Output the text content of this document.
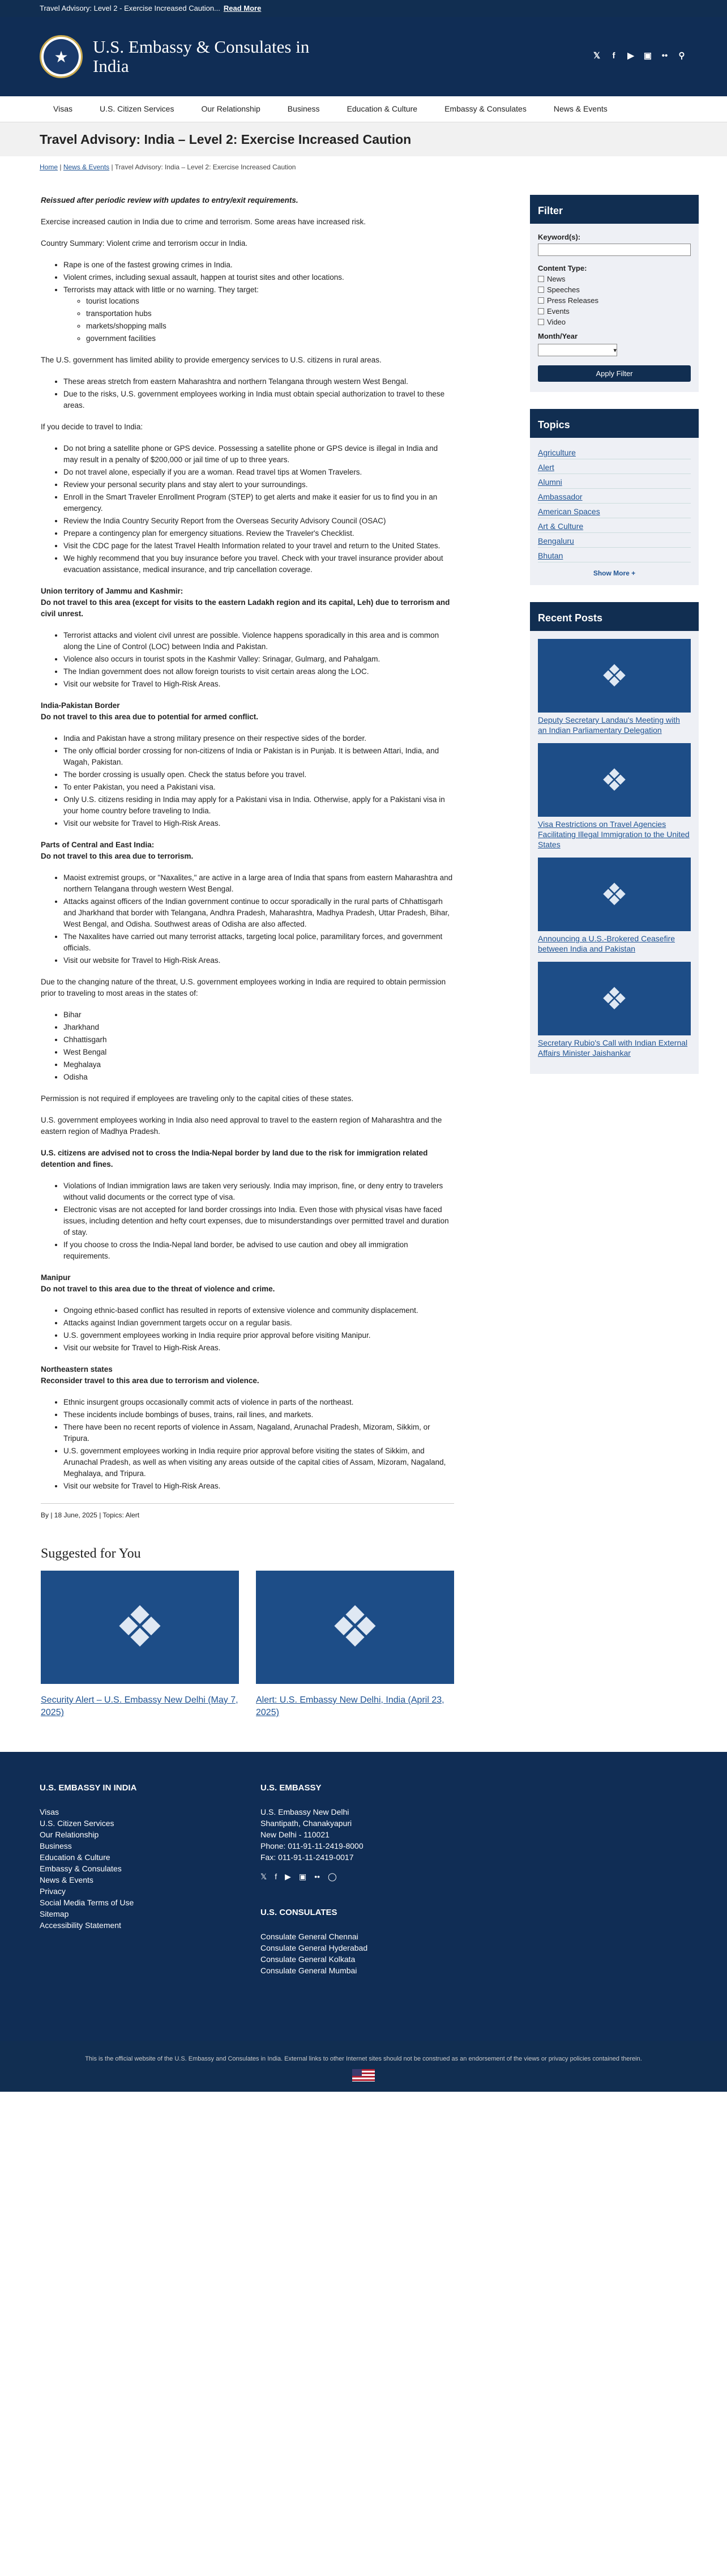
Travel Advisory: Level 2 - Exercise Increased Caution... Read More
★	U.S. Embassy & Consulates in India
𝕏	f	▶ ▣	••	⚲
Visas	U.S. Citizen Services	Our Relationship	Business	Education & Culture	Embassy & Consulates	News & Events
Travel Advisory: India – Level 2: Exercise Increased Caution
Home | News & Events | Travel Advisory: India – Level 2: Exercise Increased Caution

Reissued after periodic review with updates to entry/exit requirements.

Exercise increased caution in India due to crime and terrorism. Some areas have increased risk.

Country Summary: Violent crime and terrorism occur in India.

• Rape is one of the fastest growing crimes in India.
• Violent crimes, including sexual assault, happen at tourist sites and other locations.
• Terrorists may attack with little or no warning. They target:
◦ tourist locations
◦ transportation hubs
◦ markets/shopping malls
◦ government facilities

The U.S. government has limited ability to provide emergency services to U.S. citizens in rural areas.

• These areas stretch from eastern Maharashtra and northern Telangana through western West Bengal.
• Due to the risks, U.S. government employees working in India must obtain special authorization to travel to these areas.

If you decide to travel to India:

• Do not bring a satellite phone or GPS device. Possessing a satellite phone or GPS device is illegal in India and may result in a penalty of $200,000 or jail time of up to three years.
• Do not travel alone, especially if you are a woman. Read travel tips at Women Travelers.
• Review your personal security plans and stay alert to your surroundings.
• Enroll in the Smart Traveler Enrollment Program (STEP) to get alerts and make it easier for us to find you in an emergency.
• Review the India Country Security Report from the Overseas Security Advisory Council (OSAC)
• Prepare a contingency plan for emergency situations. Review the Traveler's Checklist.
• Visit the CDC page for the latest Travel Health Information related to your travel and return to the United States.
• We highly recommend that you buy insurance before you travel. Check with your travel insurance provider about evacuation assistance, medical insurance, and trip cancellation coverage.

Union territory of Jammu and Kashmir:

Do not travel to this area (except for visits to the eastern Ladakh region and its capital, Leh) due to terrorism and civil unrest.

• Terrorist attacks and violent civil unrest are possible. Violence happens sporadically in this area and is common along the Line of Control (LOC) between India and Pakistan.
• Violence also occurs in tourist spots in the Kashmir Valley: Srinagar, Gulmarg, and Pahalgam.
• The Indian government does not allow foreign tourists to visit certain areas along the LOC.
• Visit our website for Travel to High-Risk Areas.

India-Pakistan Border

Do not travel to this area due to potential for armed conflict.

• India and Pakistan have a strong military presence on their respective sides of the border.
• The only official border crossing for non-citizens of India or Pakistan is in Punjab. It is between Attari, India, and Wagah, Pakistan.
• The border crossing is usually open. Check the status before you travel.
• To enter Pakistan, you need a Pakistani visa.
• Only U.S. citizens residing in India may apply for a Pakistani visa in India. Otherwise, apply for a Pakistani visa in your home country before traveling to India.
• Visit our website for Travel to High-Risk Areas.

Parts of Central and East India:

Do not travel to this area due to terrorism.

• Maoist extremist groups, or "Naxalites," are active in a large area of India that spans from eastern Maharashtra and northern Telangana through western West Bengal.
• Attacks against officers of the Indian government continue to occur sporadically in the rural parts of Chhattisgarh and Jharkhand that border with Telangana, Andhra Pradesh, Maharashtra, Madhya Pradesh, Uttar Pradesh, Bihar, West Bengal, and Odisha. Southwest areas of Odisha are also affected.
• The Naxalites have carried out many terrorist attacks, targeting local police, paramilitary forces, and government officials.
• Visit our website for Travel to High-Risk Areas.

Due to the changing nature of the threat, U.S. government employees working in India are required to obtain permission prior to traveling to most areas in the states of:

• Bihar
• Jharkhand
• Chhattisgarh
• West Bengal
• Meghalaya
• Odisha

Permission is not required if employees are traveling only to the capital cities of these states.

U.S. government employees working in India also need approval to travel to the eastern region of Maharashtra and the eastern region of Madhya Pradesh.

U.S. citizens are advised not to cross the India-Nepal border by land due to the risk for immigration related detention and fines.

• Violations of Indian immigration laws are taken very seriously. India may imprison, fine, or deny entry to travelers without valid documents or the correct type of visa.
• Electronic visas are not accepted for land border crossings into India. Even those with physical visas have faced issues, including detention and hefty court expenses, due to misunderstandings over permitted travel and duration of stay.
• If you choose to cross the India-Nepal land border, be advised to use caution and obey all immigration requirements.

Manipur

Do not travel to this area due to the threat of violence and crime.

• Ongoing ethnic-based conflict has resulted in reports of extensive violence and community displacement.
• Attacks against Indian government targets occur on a regular basis.
• U.S. government employees working in India require prior approval before visiting Manipur.
• Visit our website for Travel to High-Risk Areas.

Northeastern states

Reconsider travel to this area due to terrorism and violence.

• Ethnic insurgent groups occasionally commit acts of violence in parts of the northeast.
• These incidents include bombings of buses, trains, rail lines, and markets.
• There have been no recent reports of violence in Assam, Nagaland, Arunachal Pradesh, Mizoram, Sikkim, or Tripura.
• U.S. government employees working in India require prior approval before visiting the states of Sikkim, and Arunachal Pradesh, as well as when visiting any areas outside of the capital cities of Assam, Mizoram, Nagaland, Meghalaya, and Tripura.
• Visit our website for Travel to High-Risk Areas.
By | 18 June, 2025 | Topics: Alert
Suggested for You
❖
Security Alert – U.S. Embassy New Delhi (May 7, 2025)
❖
Alert: U.S. Embassy New Delhi, India (April 23, 2025)
Filter
Keyword(s):
Content Type:
News
Speeches
Press Releases
Events
Video
Month/Year
▾
Apply Filter
Topics
Agriculture
Alert
Alumni
Ambassador
American Spaces
Art & Culture
Bengaluru
Bhutan
Show More +
Recent Posts
❖
Deputy Secretary Landau's Meeting with an Indian Parliamentary Delegation
❖
Visa Restrictions on Travel Agencies Facilitating Illegal Immigration to the United States
❖
Announcing a U.S.-Brokered Ceasefire between India and Pakistan
❖
Secretary Rubio's Call with Indian External Affairs Minister Jaishankar
U.S. EMBASSY IN INDIA
Visas
U.S. Citizen Services
Our Relationship
Business
Education & Culture
Embassy & Consulates
News & Events
Privacy
Social Media Terms of Use
Sitemap
Accessibility Statement
U.S. EMBASSY
U.S. Embassy New Delhi
Shantipath, Chanakyapuri
New Delhi - 110021
Phone: 011-91-11-2419-8000
Fax: 011-91-11-2419-0017
𝕏 f ▶ ▣ •• ◯
U.S. CONSULATES
Consulate General Chennai
Consulate General Hyderabad
Consulate General Kolkata
Consulate General Mumbai
This is the official website of the U.S. Embassy and Consulates in India. External links to other Internet sites should not be construed as an endorsement of the views or privacy policies contained therein.
